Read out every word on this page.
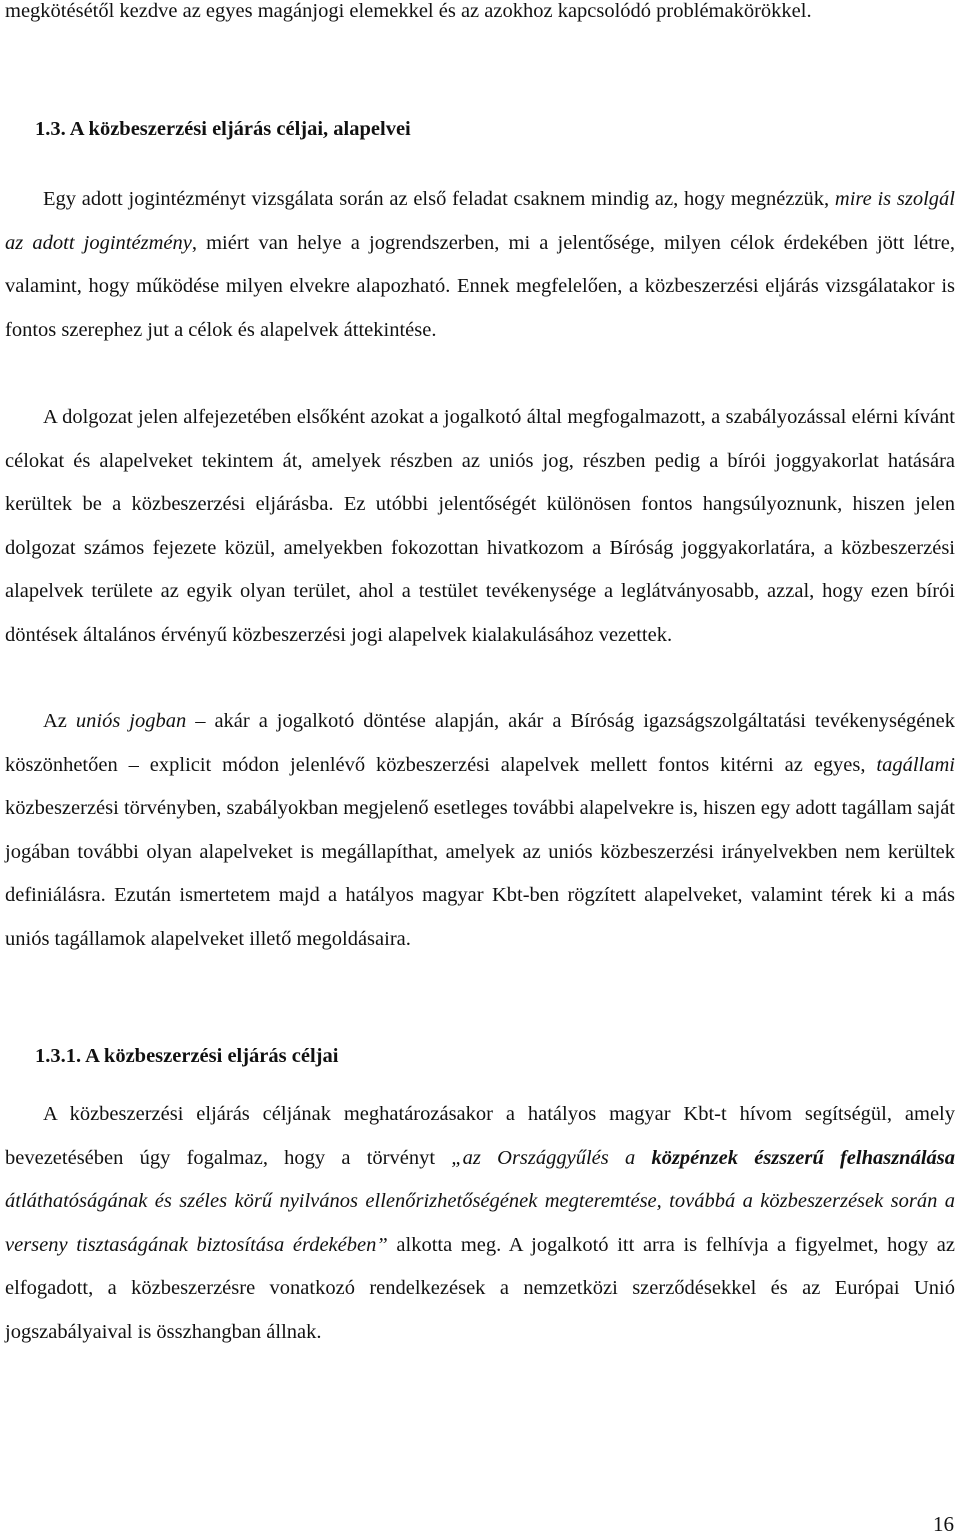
megkötésétől kezdve az egyes magánjogi elemekkel és az azokhoz kapcsolódó problémakörökkel.

1.3. A közbeszerzési eljárás céljai, alapelvei

Egy adott jogintézményt vizsgálata során az első feladat csaknem mindig az, hogy megnézzük, mire is szolgál az adott jogintézmény, miért van helye a jogrendszerben, mi a jelentősége, milyen célok érdekében jött létre, valamint, hogy működése milyen elvekre alapozható. Ennek megfelelően, a közbeszerzési eljárás vizsgálatakor is fontos szerephez jut a célok és alapelvek áttekintése.

A dolgozat jelen alfejezetében elsőként azokat a jogalkotó által megfogalmazott, a szabályozással elérni kívánt célokat és alapelveket tekintem át, amelyek részben az uniós jog, részben pedig a bírói joggyakorlat hatására kerültek be a közbeszerzési eljárásba. Ez utóbbi jelentőségét különösen fontos hangsúlyoznunk, hiszen jelen dolgozat számos fejezete közül, amelyekben fokozottan hivatkozom a Bíróság joggyakorlatára, a közbeszerzési alapelvek területe az egyik olyan terület, ahol a testület tevékenysége a leglátványosabb, azzal, hogy ezen bírói döntések általános érvényű közbeszerzési jogi alapelvek kialakulásához vezettek.

Az uniós jogban – akár a jogalkotó döntése alapján, akár a Bíróság igazságszolgáltatási tevékenységének köszönhetően – explicit módon jelenlévő közbeszerzési alapelvek mellett fontos kitérni az egyes, tagállami közbeszerzési törvényben, szabályokban megjelenő esetleges további alapelvekre is, hiszen egy adott tagállam saját jogában további olyan alapelveket is megállapíthat, amelyek az uniós közbeszerzési irányelvekben nem kerültek definiálásra. Ezután ismertetem majd a hatályos magyar Kbt-ben rögzített alapelveket, valamint térek ki a más uniós tagállamok alapelveket illető megoldásaira.

1.3.1. A közbeszerzési eljárás céljai

A közbeszerzési eljárás céljának meghatározásakor a hatályos magyar Kbt-t hívom segítségül, amely bevezetésében úgy fogalmaz, hogy a törvényt „az Országgyűlés a közpénzek észszerű felhasználása átláthatóságának és széles körű nyilvános ellenőrizhetőségének megteremtése, továbbá a közbeszerzések során a verseny tisztaságának biztosítása érdekében” alkotta meg. A jogalkotó itt arra is felhívja a figyelmet, hogy az elfogadott, a közbeszerzésre vonatkozó rendelkezések a nemzetközi szerződésekkel és az Európai Unió jogszabályaival is összhangban állnak.

16
